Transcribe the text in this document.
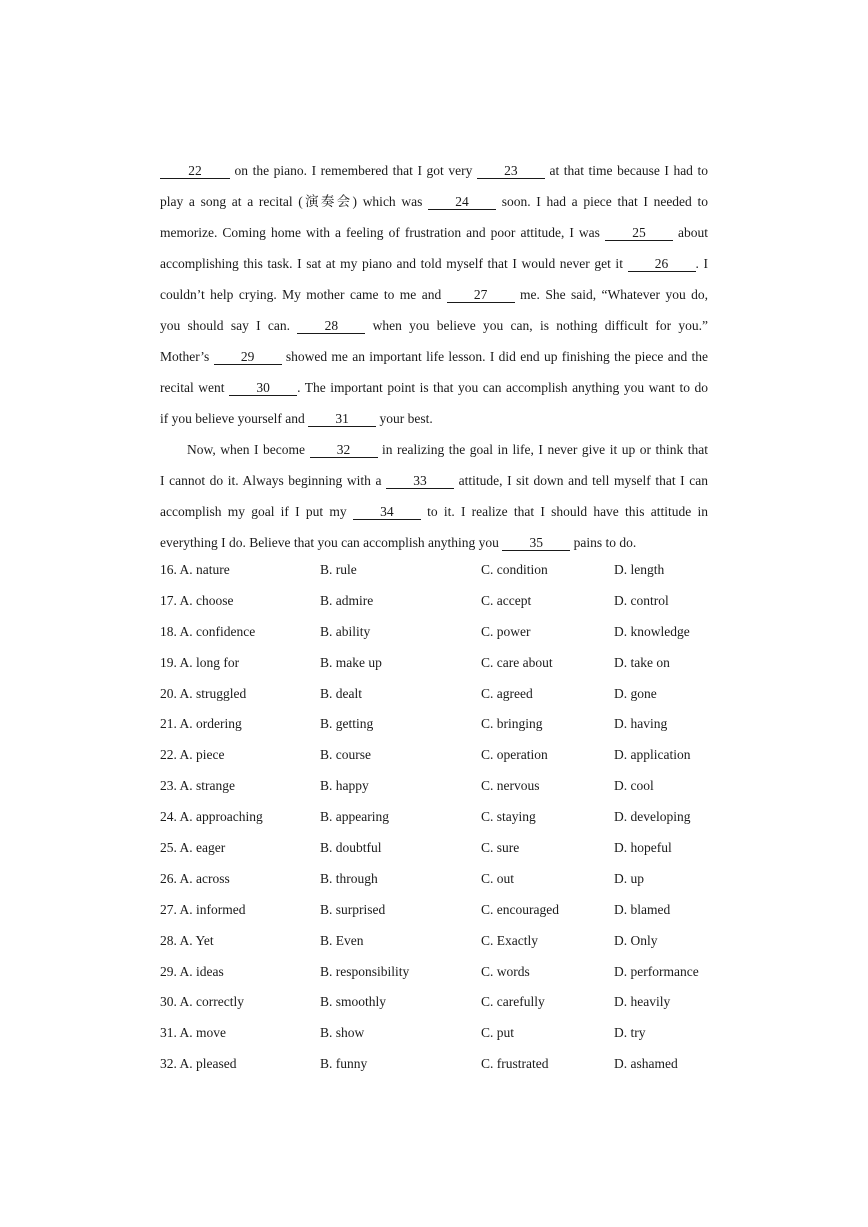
22 on the piano. I remembered that I got very 23 at that time because I had to
play a song at a recital (演奏会) which was 24 soon. I had a piece that I needed to
memorize. Coming home with a feeling of frustration and poor attitude, I was 25 about
accomplishing this task. I sat at my piano and told myself that I would never get it 26 . I
couldn’t help crying. My mother came to me and 27 me. She said, “Whatever you do,
you should say I can. 28 when you believe you can, is nothing difficult for you.”
Mother’s 29 showed me an important life lesson. I did end up finishing the piece and the
recital went 30 . The important point is that you can accomplish anything you want to do
if you believe yourself and 31 your best.
Now, when I become 32 in realizing the goal in life, I never give it up or think that
I cannot do it. Always beginning with a 33 attitude, I sit down and tell myself that I can
accomplish my goal if I put my 34 to it. I realize that I should have this attitude in
everything I do. Believe that you can accomplish anything you 35 pains to do.
16. A. nature	B. rule	C. condition	D. length
17. A. choose	B. admire	C. accept	D. control
18. A. confidence	B. ability	C. power	D. knowledge
19. A. long for	B. make up	C. care about	D. take on
20. A. struggled	B. dealt	C. agreed	D. gone
21. A. ordering	B. getting	C. bringing	D. having
22. A. piece	B. course	C. operation	D. application
23. A. strange	B. happy	C. nervous	D. cool
24. A. approaching	B. appearing	C. staying	D. developing
25. A. eager	B. doubtful	C. sure	D. hopeful
26. A. across	B. through	C. out	D. up
27. A. informed	B. surprised	C. encouraged	D. blamed
28. A. Yet	B. Even	C. Exactly	D. Only
29. A. ideas	B. responsibility	C. words	D. performance
30. A. correctly	B. smoothly	C. carefully	D. heavily
31. A. move	B. show	C. put	D. try
32. A. pleased	B. funny	C. frustrated	D. ashamed
